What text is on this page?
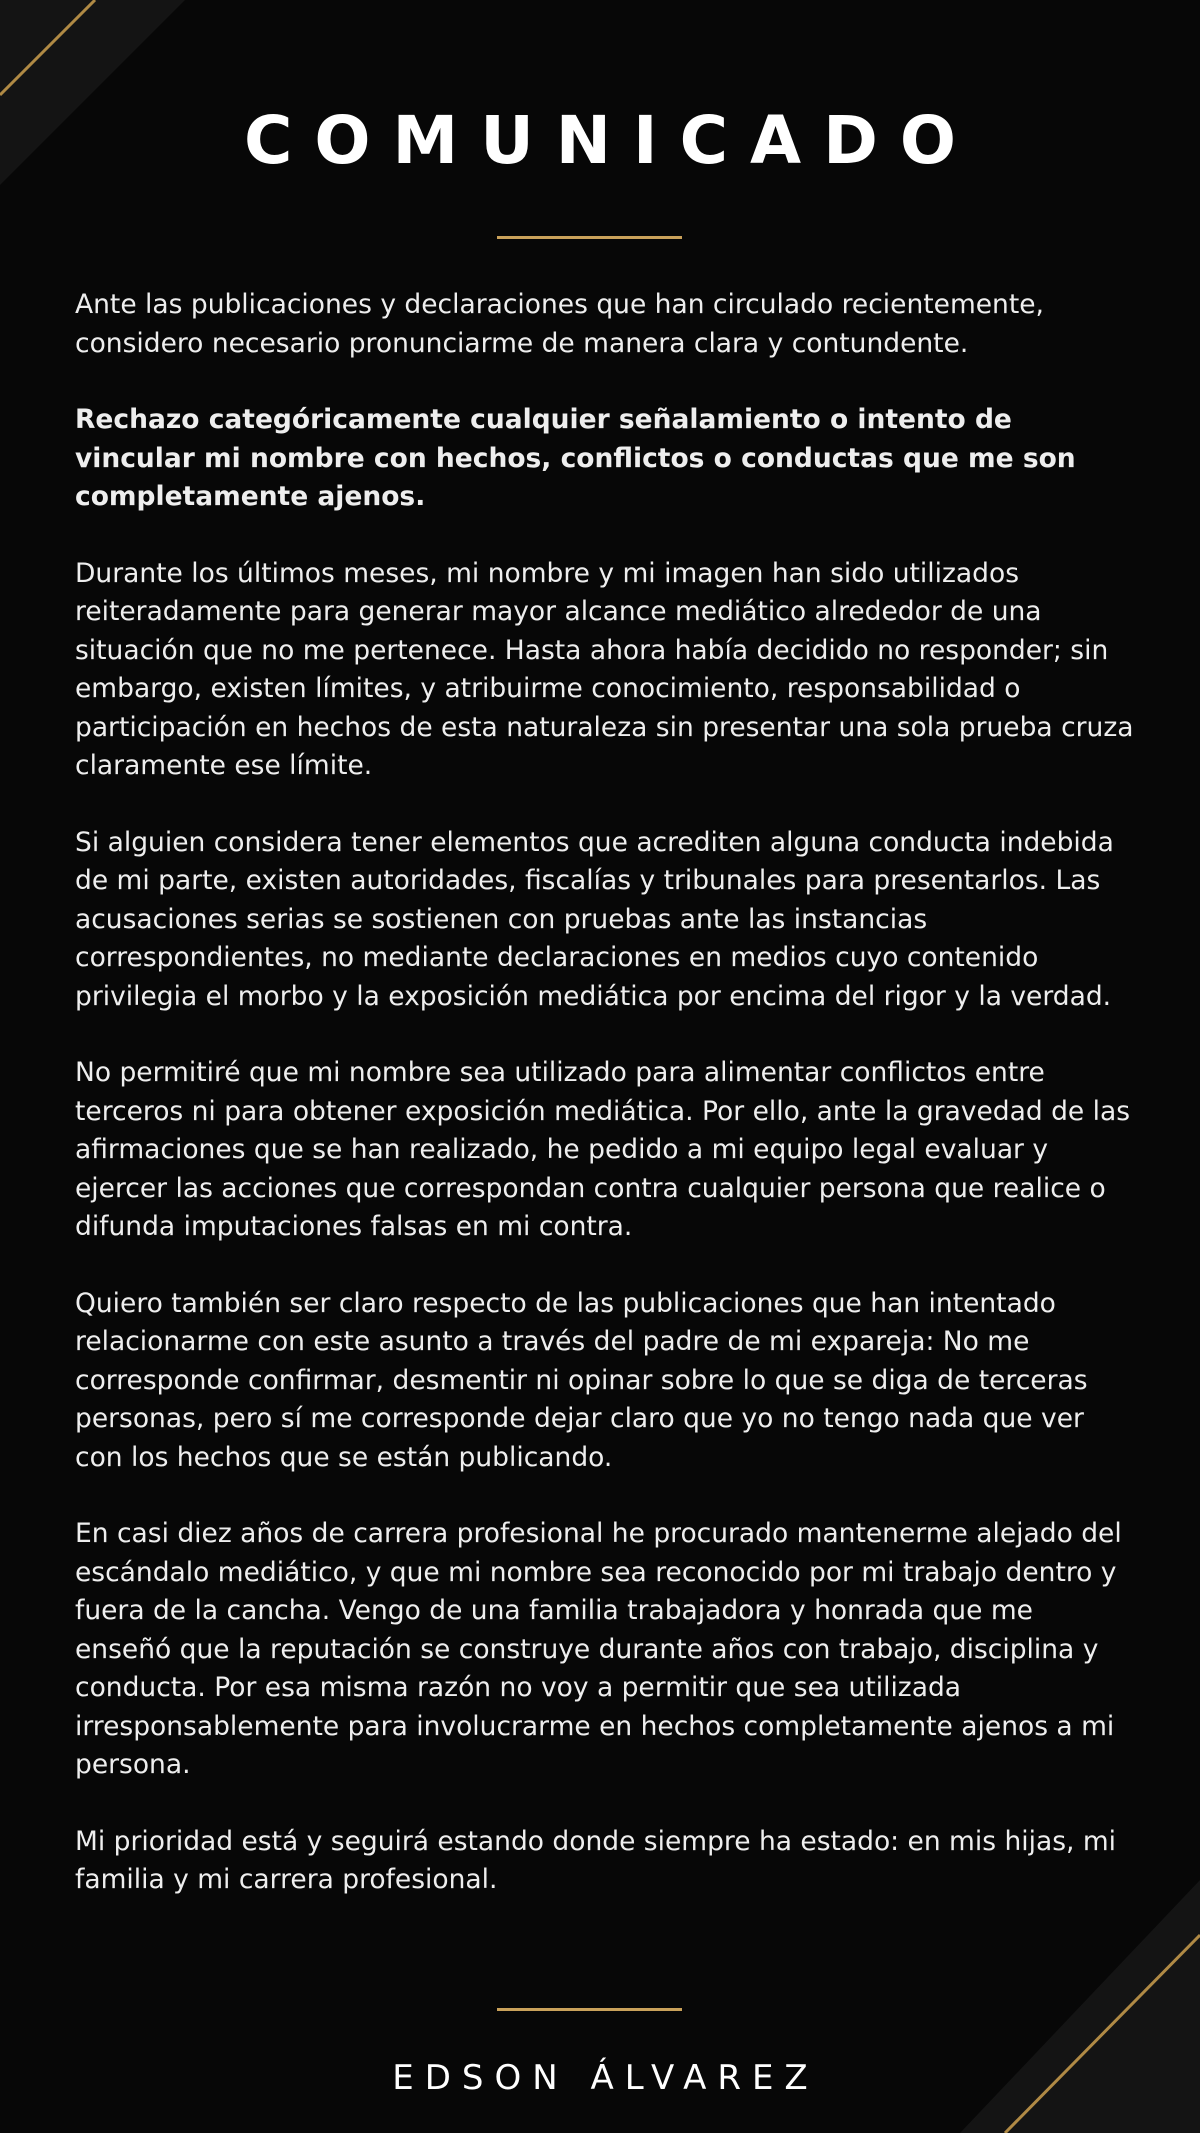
COMUNICADO

Ante las publicaciones y declaraciones que han circulado recientemente, considero necesario pronunciarme de manera clara y contundente.

Rechazo categóricamente cualquier señalamiento o intento de vincular mi nombre con hechos, conflictos o conductas que me son completamente ajenos.

Durante los últimos meses, mi nombre y mi imagen han sido utilizados reiteradamente para generar mayor alcance mediático alrededor de una situación que no me pertenece. Hasta ahora había decidido no responder; sin embargo, existen límites, y atribuirme conocimiento, responsabilidad o participación en hechos de esta naturaleza sin presentar una sola prueba cruza claramente ese límite.

Si alguien considera tener elementos que acrediten alguna conducta indebida de mi parte, existen autoridades, fiscalías y tribunales para presentarlos. Las acusaciones serias se sostienen con pruebas ante las instancias correspondientes, no mediante declaraciones en medios cuyo contenido privilegia el morbo y la exposición mediática por encima del rigor y la verdad.

No permitiré que mi nombre sea utilizado para alimentar conflictos entre terceros ni para obtener exposición mediática. Por ello, ante la gravedad de las afirmaciones que se han realizado, he pedido a mi equipo legal evaluar y ejercer las acciones que correspondan contra cualquier persona que realice o difunda imputaciones falsas en mi contra.

Quiero también ser claro respecto de las publicaciones que han intentado relacionarme con este asunto a través del padre de mi expareja: No me corresponde confirmar, desmentir ni opinar sobre lo que se diga de terceras personas, pero sí me corresponde dejar claro que yo no tengo nada que ver con los hechos que se están publicando.

En casi diez años de carrera profesional he procurado mantenerme alejado del escándalo mediático, y que mi nombre sea reconocido por mi trabajo dentro y fuera de la cancha. Vengo de una familia trabajadora y honrada que me enseñó que la reputación se construye durante años con trabajo, disciplina y conducta. Por esa misma razón no voy a permitir que sea utilizada irresponsablemente para involucrarme en hechos completamente ajenos a mi persona.

Mi prioridad está y seguirá estando donde siempre ha estado: en mis hijas, mi familia y mi carrera profesional.

EDSON ÁLVAREZ
